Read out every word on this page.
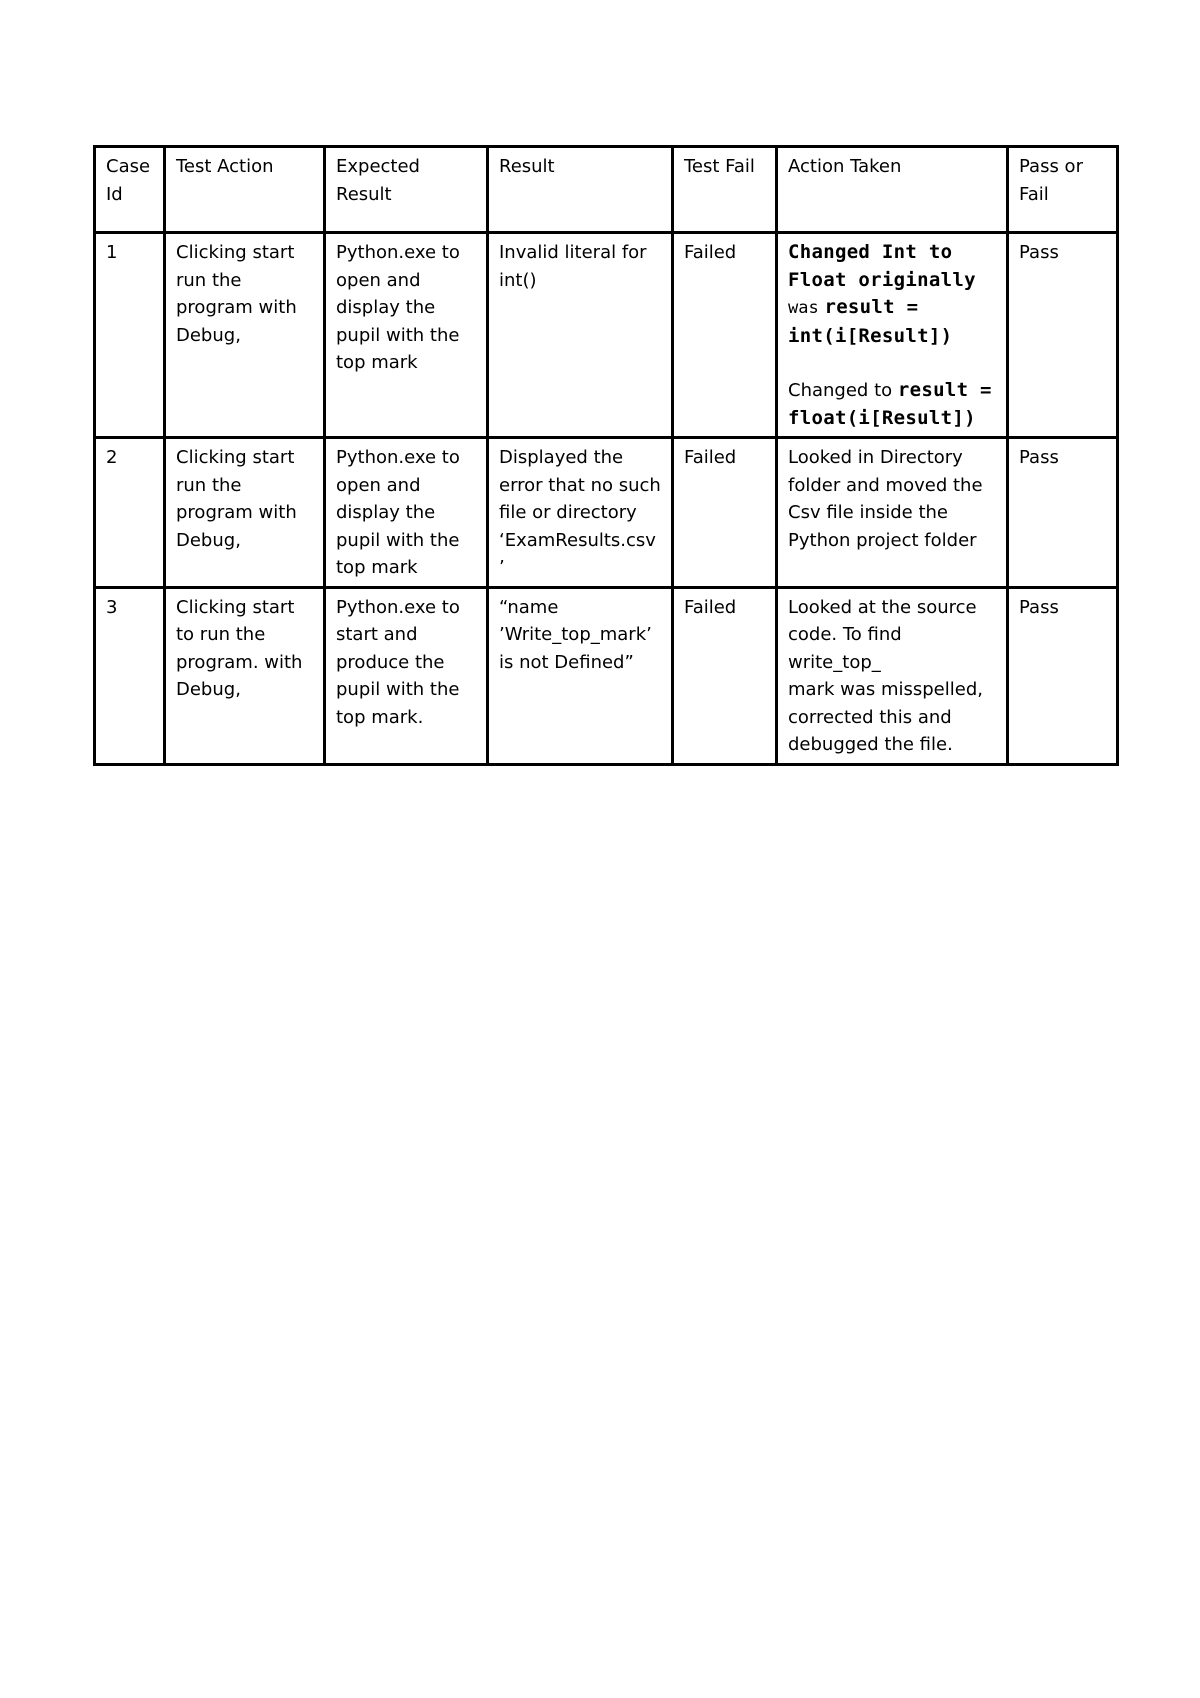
Case Id	Test Action	Expected Result	Result	Test Fail	Action Taken	Pass or Fail

1	Clicking start run the program with Debug,	Python.exe to open and display the pupil with the top mark	Invalid literal for int()	Failed	Changed Int to Float originally
was result = int(i[Result])
Changed to result = float(i[Result])	Pass

2	Clicking start run the program with Debug,	Python.exe to open and display the pupil with the top mark	Displayed the error that no such file or directory ‘ExamResults.csv’	Failed	Looked in Directory folder and moved the Csv file inside the Python project folder	Pass

3	Clicking start to run the program. with Debug,	Python.exe to start and produce the pupil with the top mark.	“name ’Write_top_mark’ is not Defined”	Failed	Looked at the source code. To find
write_top_
mark was misspelled, corrected this and debugged the file.	Pass
